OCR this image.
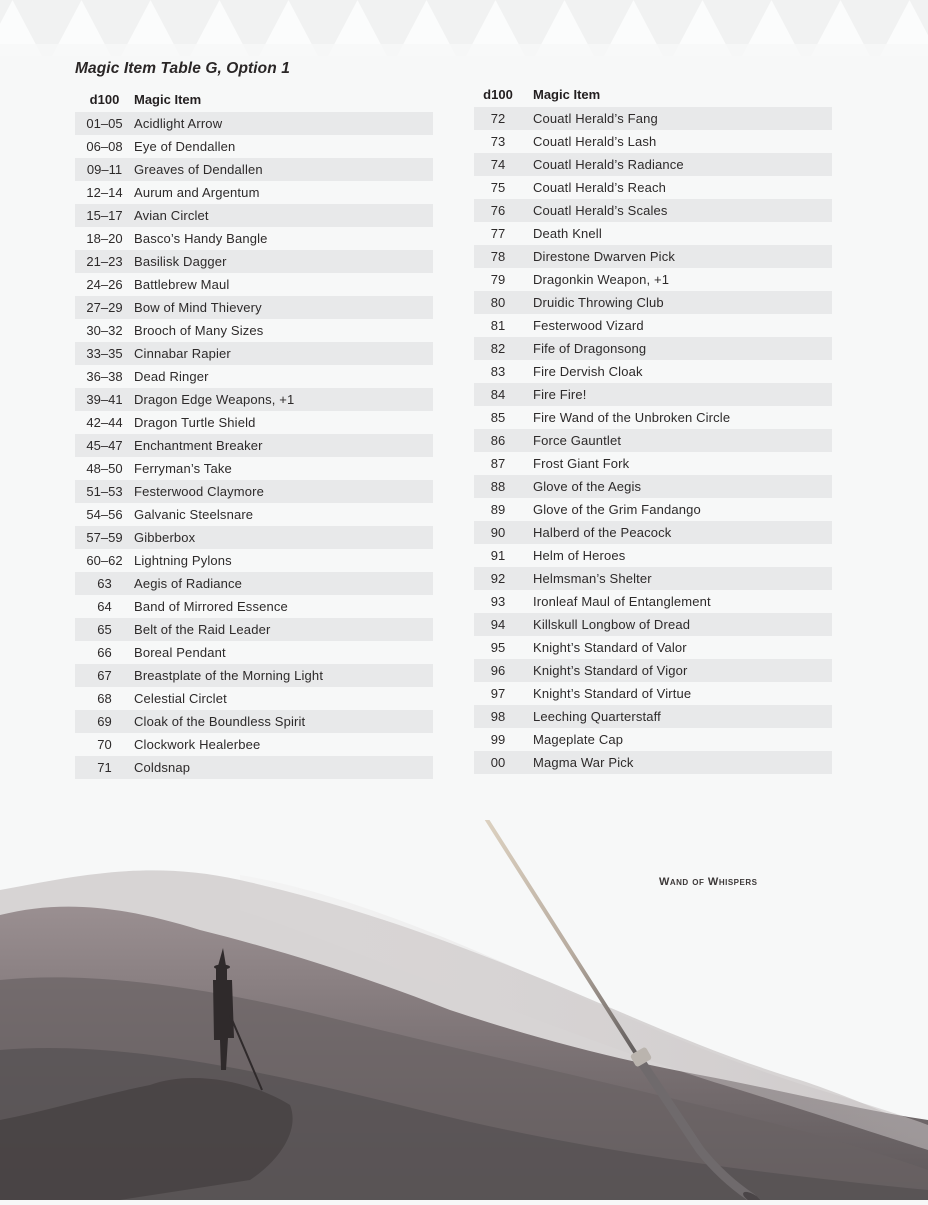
Magic Item Table G, Option 1
d100	Magic Item
01–05 Acidlight Arrow
06–08 Eye of Dendallen
09–11 Greaves of Dendallen
12–14 Aurum and Argentum
15–17 Avian Circlet
18–20 Basco’s Handy Bangle
21–23 Basilisk Dagger
24–26 Battlebrew Maul
27–29 Bow of Mind Thievery
30–32 Brooch of Many Sizes
33–35 Cinnabar Rapier
36–38 Dead Ringer
39–41 Dragon Edge Weapons, +1
42–44 Dragon Turtle Shield
45–47 Enchantment Breaker
48–50 Ferryman’s Take
51–53 Festerwood Claymore
54–56 Galvanic Steelsnare
57–59 Gibberbox
60–62 Lightning Pylons
63	Aegis of Radiance
64	Band of Mirrored Essence
65	Belt of the Raid Leader
66	Boreal Pendant
67	Breastplate of the Morning Light
68	Celestial Circlet
69	Cloak of the Boundless Spirit
70	Clockwork Healerbee
71	Coldsnap
d100	Magic Item
72	Couatl Herald’s Fang
73	Couatl Herald’s Lash
74	Couatl Herald’s Radiance
75	Couatl Herald’s Reach
76	Couatl Herald’s Scales
77	Death Knell
78	Direstone Dwarven Pick
79	Dragonkin Weapon, +1
80	Druidic Throwing Club
81	Festerwood Vizard
82	Fife of Dragonsong
83	Fire Dervish Cloak
84	Fire Fire!
85	Fire Wand of the Unbroken Circle
86	Force Gauntlet
87	Frost Giant Fork
88	Glove of the Aegis
89	Glove of the Grim Fandango
90	Halberd of the Peacock
91	Helm of Heroes
92	Helmsman’s Shelter
93	Ironleaf Maul of Entanglement
94	Killskull Longbow of Dread
95	Knight’s Standard of Valor
96	Knight’s Standard of Vigor
97	Knight’s Standard of Virtue
98	Leeching Quarterstaff
99	Mageplate Cap
00	Magma War Pick
Wand of Whispers
